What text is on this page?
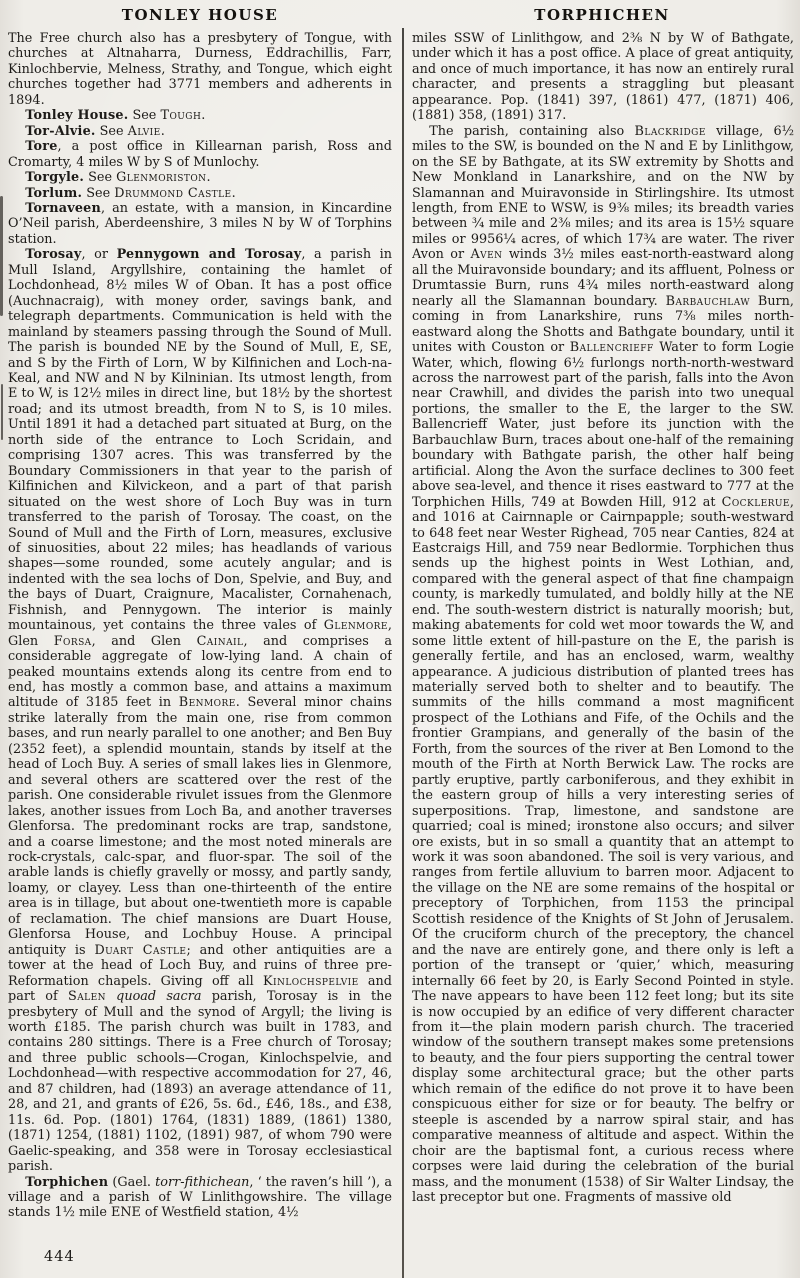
TONLEY HOUSE	TORPHICHEN

The Free church also has a presbytery of Tongue, with churches at Altnaharra, Durness, Eddrachillis, Farr, Kinlochbervie, Melness, Strathy, and Tongue, which eight churches together had 3771 members and adherents in 1894.

Tonley House. See Tough.

Tor-Alvie. See Alvie.

Tore, a post office in Killearnan parish, Ross and Cromarty, 4 miles W by S of Munlochy.

Torgyle. See Glenmoriston.

Torlum. See Drummond Castle.

Tornaveen, an estate, with a mansion, in Kincardine O’Neil parish, Aberdeenshire, 3 miles N by W of Torphins station.

Torosay, or Pennygown and Torosay, a parish in Mull Island, Argyllshire, containing the hamlet of Lochdonhead, 8½ miles W of Oban. It has a post office (Auchnacraig), with money order, savings bank, and telegraph departments. Communication is held with the mainland by steamers passing through the Sound of Mull. The parish is bounded NE by the Sound of Mull, E, SE, and S by the Firth of Lorn, W by Kilfinichen and Loch-na-Keal, and NW and N by Kilninian. Its utmost length, from E to W, is 12½ miles in direct line, but 18½ by the shortest road; and its utmost breadth, from N to S, is 10 miles. Until 1891 it had a detached part situated at Burg, on the north side of the entrance to Loch Scridain, and comprising 1307 acres. This was transferred by the Boundary Commissioners in that year to the parish of Kilfinichen and Kilvickeon, and a part of that parish situated on the west shore of Loch Buy was in turn transferred to the parish of Torosay. The coast, on the Sound of Mull and the Firth of Lorn, measures, exclusive of sinuosities, about 22 miles; has headlands of various shapes—some rounded, some acutely angular; and is indented with the sea lochs of Don, Spelvie, and Buy, and the bays of Duart, Craignure, Macalister, Cornahenach, Fishnish, and Pennygown. The interior is mainly mountainous, yet contains the three vales of Glenmore, Glen Forsa, and Glen Cainail, and comprises a considerable aggregate of low-lying land. A chain of peaked mountains extends along its centre from end to end, has mostly a common base, and attains a maximum altitude of 3185 feet in Benmore. Several minor chains strike laterally from the main one, rise from common bases, and run nearly parallel to one another; and Ben Buy (2352 feet), a splendid mountain, stands by itself at the head of Loch Buy. A series of small lakes lies in Glenmore, and several others are scattered over the rest of the parish. One considerable rivulet issues from the Glenmore lakes, another issues from Loch Ba, and another traverses Glenforsa. The predominant rocks are trap, sandstone, and a coarse limestone; and the most noted minerals are rock-crystals, calc-spar, and fluor-spar. The soil of the arable lands is chiefly gravelly or mossy, and partly sandy, loamy, or clayey. Less than one-thirteenth of the entire area is in tillage, but about one-twentieth more is capable of reclamation. The chief mansions are Duart House, Glenforsa House, and Lochbuy House. A principal antiquity is Duart Castle; and other antiquities are a tower at the head of Loch Buy, and ruins of three pre-Reformation chapels. Giving off all Kinlochspelvie and part of Salen quoad sacra parish, Torosay is in the presbytery of Mull and the synod of Argyll; the living is worth £185. The parish church was built in 1783, and contains 280 sittings. There is a Free church of Torosay; and three public schools—Crogan, Kinlochspelvie, and Lochdonhead—with respective accommodation for 27, 46, and 87 children, had (1893) an average attendance of 11, 28, and 21, and grants of £26, 5s. 6d., £46, 18s., and £38, 11s. 6d. Pop. (1801) 1764, (1831) 1889, (1861) 1380, (1871) 1254, (1881) 1102, (1891) 987, of whom 790 were Gaelic-speaking, and 358 were in Torosay ecclesiastical parish.

Torphichen (Gael. torr-fithichean, ‘ the raven’s hill ’), a village and a parish of W Linlithgowshire. The village stands 1½ mile ENE of Westfield station, 4½

miles SSW of Linlithgow, and 2⅜ N by W of Bathgate, under which it has a post office. A place of great antiquity, and once of much importance, it has now an entirely rural character, and presents a straggling but pleasant appearance. Pop. (1841) 397, (1861) 477, (1871) 406, (1881) 358, (1891) 317.

The parish, containing also Blackridge village, 6½ miles to the SW, is bounded on the N and E by Linlithgow, on the SE by Bathgate, at its SW extremity by Shotts and New Monkland in Lanarkshire, and on the NW by Slamannan and Muiravonside in Stirlingshire. Its utmost length, from ENE to WSW, is 9⅜ miles; its breadth varies between ¾ mile and 2⅜ miles; and its area is 15½ square miles or 9956¼ acres, of which 17¾ are water. The river Avon or Aven winds 3½ miles east-north-eastward along all the Muiravonside boundary; and its affluent, Polness or Drumtassie Burn, runs 4¾ miles north-eastward along nearly all the Slamannan boundary. Barbauchlaw Burn, coming in from Lanarkshire, runs 7⅜ miles north-eastward along the Shotts and Bathgate boundary, until it unites with Couston or Ballencrieff Water to form Logie Water, which, flowing 6½ furlongs north-north-westward across the narrowest part of the parish, falls into the Avon near Crawhill, and divides the parish into two unequal portions, the smaller to the E, the larger to the SW. Ballencrieff Water, just before its junction with the Barbauchlaw Burn, traces about one-half of the remaining boundary with Bathgate parish, the other half being artificial. Along the Avon the surface declines to 300 feet above sea-level, and thence it rises eastward to 777 at the Torphichen Hills, 749 at Bowden Hill, 912 at Cocklerue, and 1016 at Cairnnaple or Cairnpapple; south-westward to 648 feet near Wester Righead, 705 near Canties, 824 at Eastcraigs Hill, and 759 near Bedlormie. Torphichen thus sends up the highest points in West Lothian, and, compared with the general aspect of that fine champaign county, is markedly tumulated, and boldly hilly at the NE end. The south-western district is naturally moorish; but, making abatements for cold wet moor towards the W, and some little extent of hill-pasture on the E, the parish is generally fertile, and has an enclosed, warm, wealthy appearance. A judicious distribution of planted trees has materially served both to shelter and to beautify. The summits of the hills command a most magnificent prospect of the Lothians and Fife, of the Ochils and the frontier Grampians, and generally of the basin of the Forth, from the sources of the river at Ben Lomond to the mouth of the Firth at North Berwick Law. The rocks are partly eruptive, partly carboniferous, and they exhibit in the eastern group of hills a very interesting series of superpositions. Trap, limestone, and sandstone are quarried; coal is mined; ironstone also occurs; and silver ore exists, but in so small a quantity that an attempt to work it was soon abandoned. The soil is very various, and ranges from fertile alluvium to barren moor. Adjacent to the village on the NE are some remains of the hospital or preceptory of Torphichen, from 1153 the principal Scottish residence of the Knights of St John of Jerusalem. Of the cruciform church of the preceptory, the chancel and the nave are entirely gone, and there only is left a portion of the transept or ‘quier,’ which, measuring internally 66 feet by 20, is Early Second Pointed in style. The nave appears to have been 112 feet long; but its site is now occupied by an edifice of very different character from it—the plain modern parish church. The traceried window of the southern transept makes some pretensions to beauty, and the four piers supporting the central tower display some architectural grace; but the other parts which remain of the edifice do not prove it to have been conspicuous either for size or for beauty. The belfry or steeple is ascended by a narrow spiral stair, and has comparative meanness of altitude and aspect. Within the choir are the baptismal font, a curious recess where corpses were laid during the celebration of the burial mass, and the monument (1538) of Sir Walter Lindsay, the last preceptor but one. Fragments of massive old

444
